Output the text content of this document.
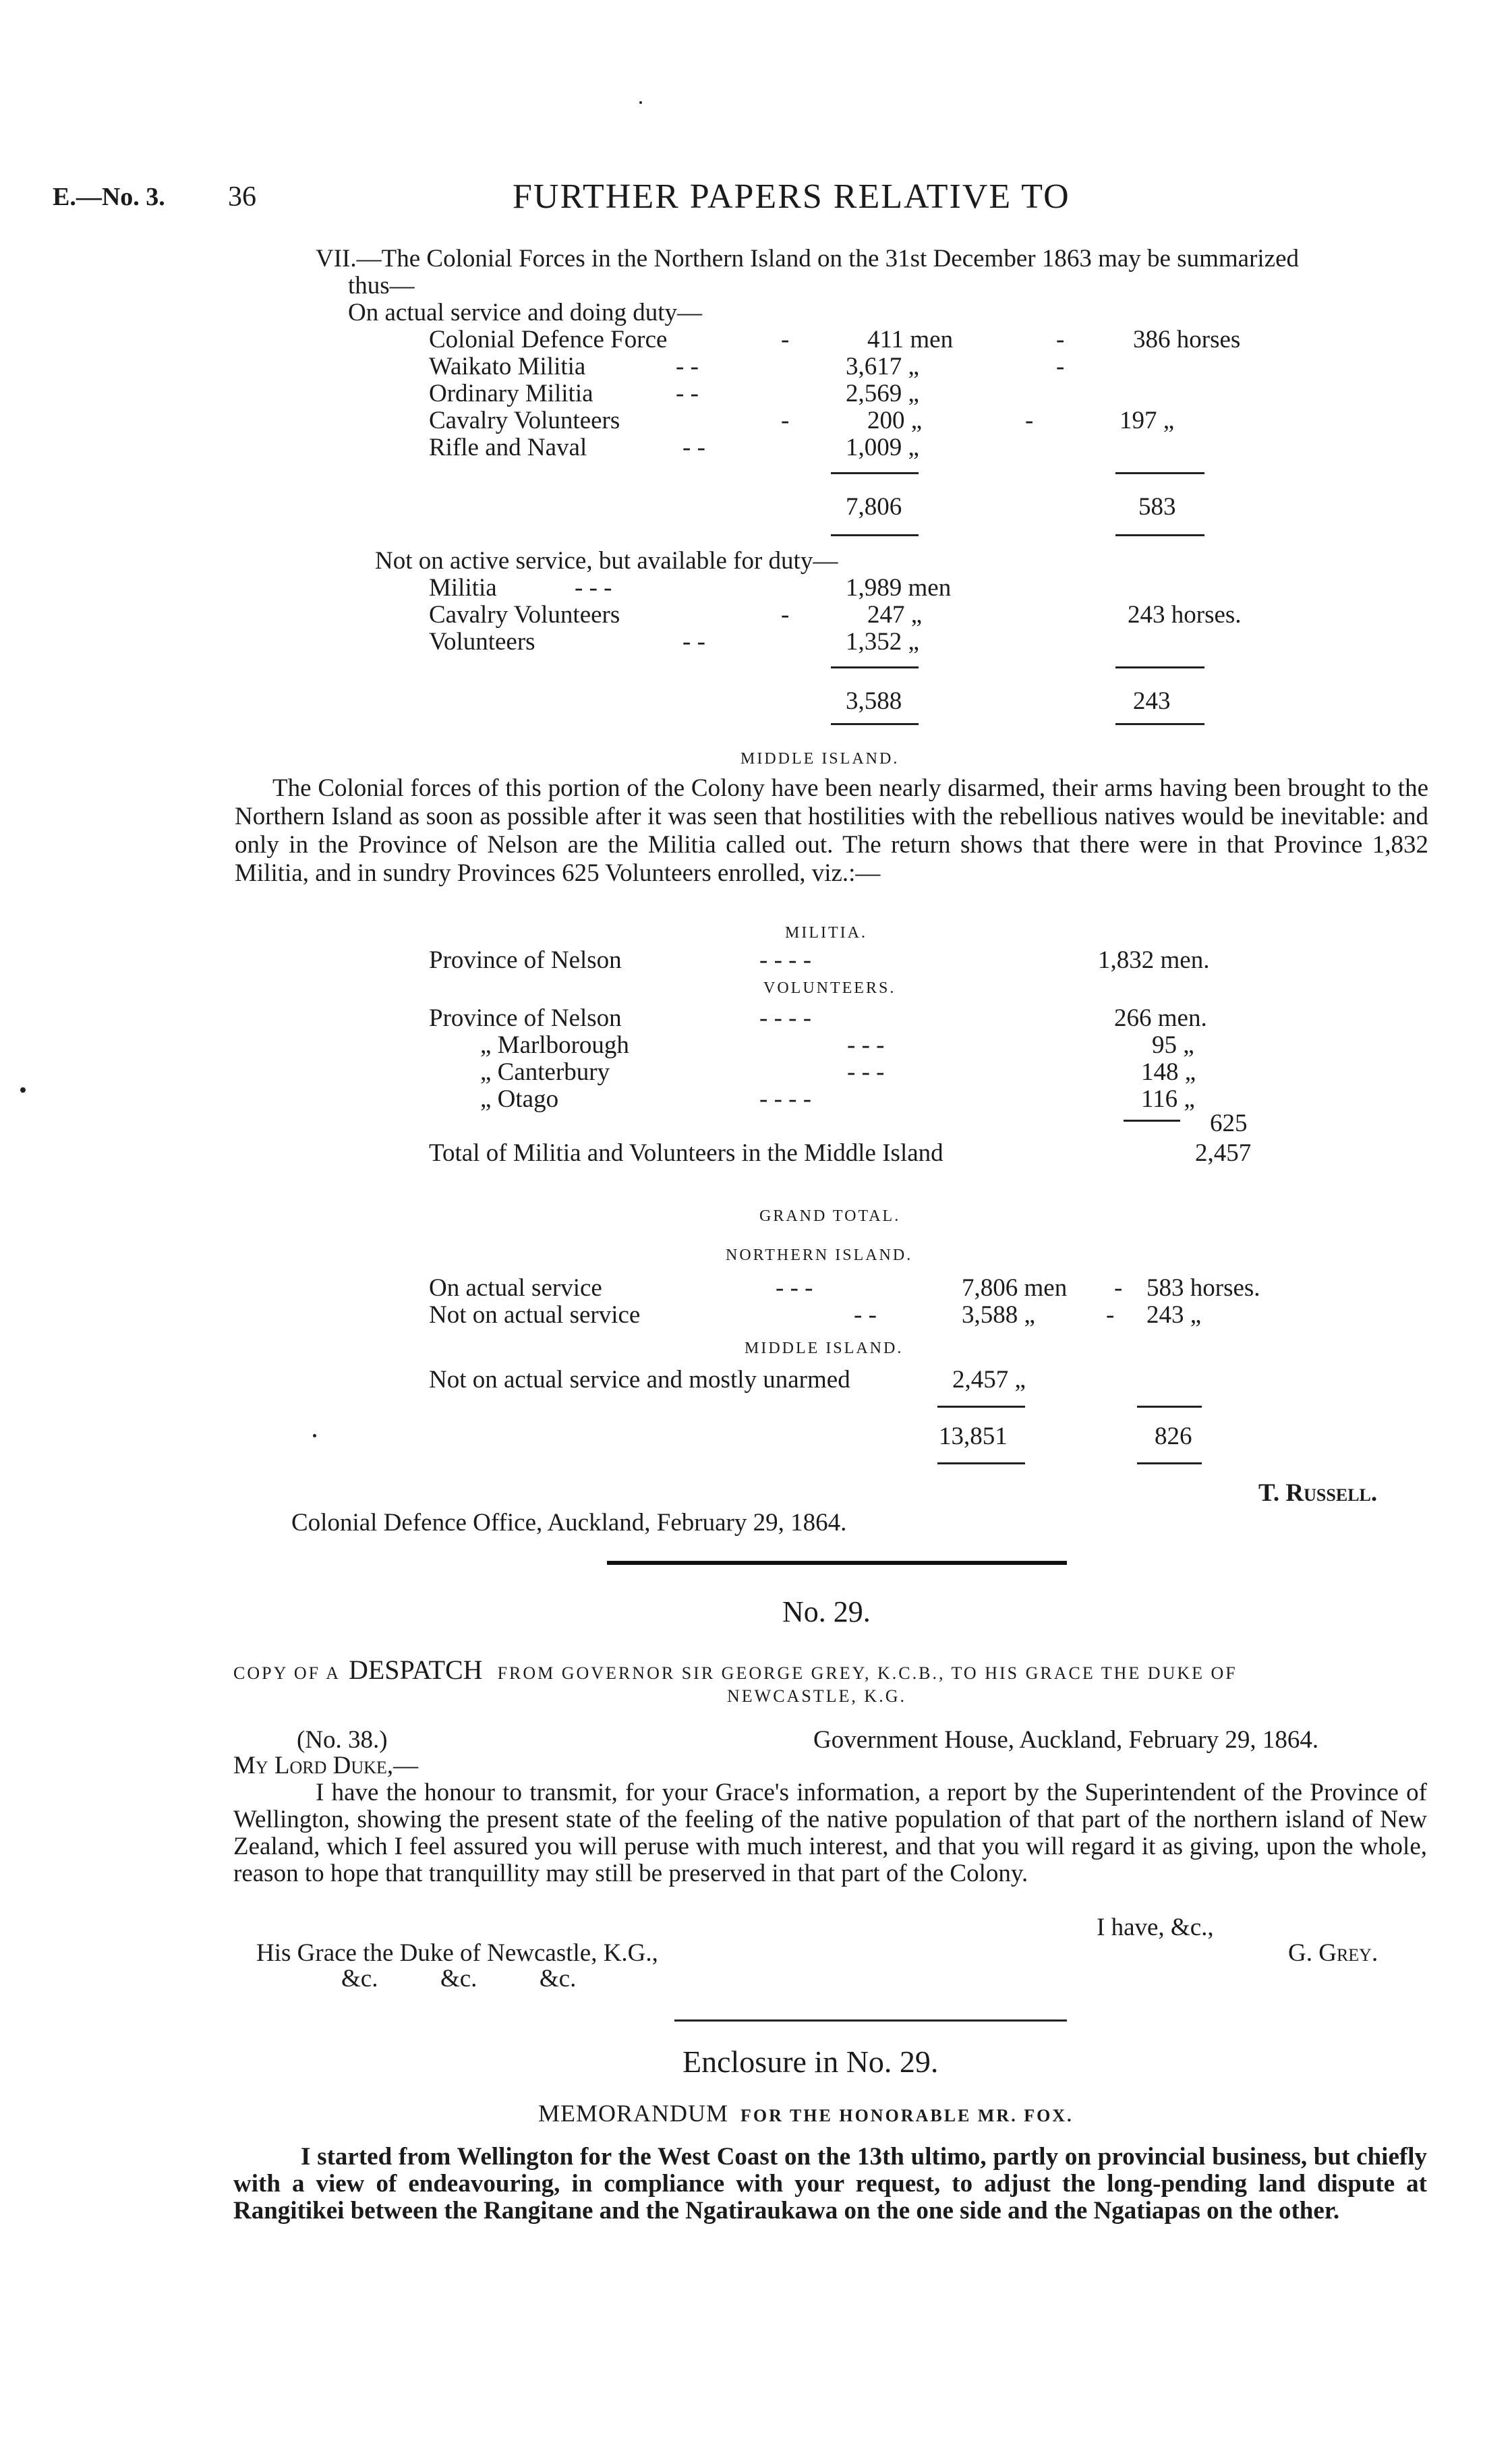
E.—No. 3. 36	FURTHER PAPERS RELATIVE TO
VII.—The Colonial Forces in the Northern Island on the 31st December 1863 may be summarized
thus—
On actual service and doing duty—
Colonial Defence Force	-	411 men	-	386 horses
Waikato Militia	- -	3,617 „	-
Ordinary Militia	- -	2,569 „
Cavalry Volunteers	-	200 „	-	197 „
Rifle and Naval	- -	1,009 „
7,806	583
Not on active service, but available for duty—
Militia	- - -	1,989 men
Cavalry Volunteers	-	247 „	243 horses.
Volunteers	- -	1,352 „
3,588	243
MIDDLE ISLAND.
The Colonial forces of this portion of the Colony have been nearly disarmed, their arms having been brought to the Northern Island as soon as possible after it was seen that hostilities with the rebellious natives would be inevitable: and only in the Province of Nelson are the Militia called out. The return shows that there were in that Province 1,832 Militia, and in sundry Provinces 625 Volunteers enrolled, viz.:—
MILITIA.
Province of Nelson	- - - -	1,832 men.
VOLUNTEERS.
Province of Nelson	- - - -	266 men.
„ Marlborough	- - -	95 „
„ Canterbury	- - -	148 „
„ Otago	- - - -	116 „
625
Total of Militia and Volunteers in the Middle Island	2,457
GRAND TOTAL.
NORTHERN ISLAND.
On actual service	- - -	7,806 men - 583 horses.
Not on actual service	- -	3,588 „	- 243 „
MIDDLE ISLAND.
Not on actual service and mostly unarmed	2,457 „
13,851	826
T. Russell.
Colonial Defence Office, Auckland, February 29, 1864.
No. 29.
COPY OF A DESPATCH FROM GOVERNOR SIR GEORGE GREY, K.C.B., TO HIS GRACE THE DUKE OF
NEWCASTLE, K.G.
(No. 38.)	Government House, Auckland, February 29, 1864.
My Lord Duke,—
I have the honour to transmit, for your Grace's information, a report by the Superintendent of the Province of Wellington, showing the present state of the feeling of the native population of that part of the northern island of New Zealand, which I feel assured you will peruse with much interest, and that you will regard it as giving, upon the whole, reason to hope that tranquillity may still be preserved in that part of the Colony.
I have, &c.,
His Grace the Duke of Newcastle, K.G.,	G. Grey.
&c.          &c.          &c.
Enclosure in No. 29.
MEMORANDUM FOR THE HONORABLE MR. FOX.
I started from Wellington for the West Coast on the 13th ultimo, partly on provincial business, but chiefly with a view of endeavouring, in compliance with your request, to adjust the long-pending land dispute at Rangitikei between the Rangitane and the Ngatiraukawa on the one side and the Ngatiapas on the other.
